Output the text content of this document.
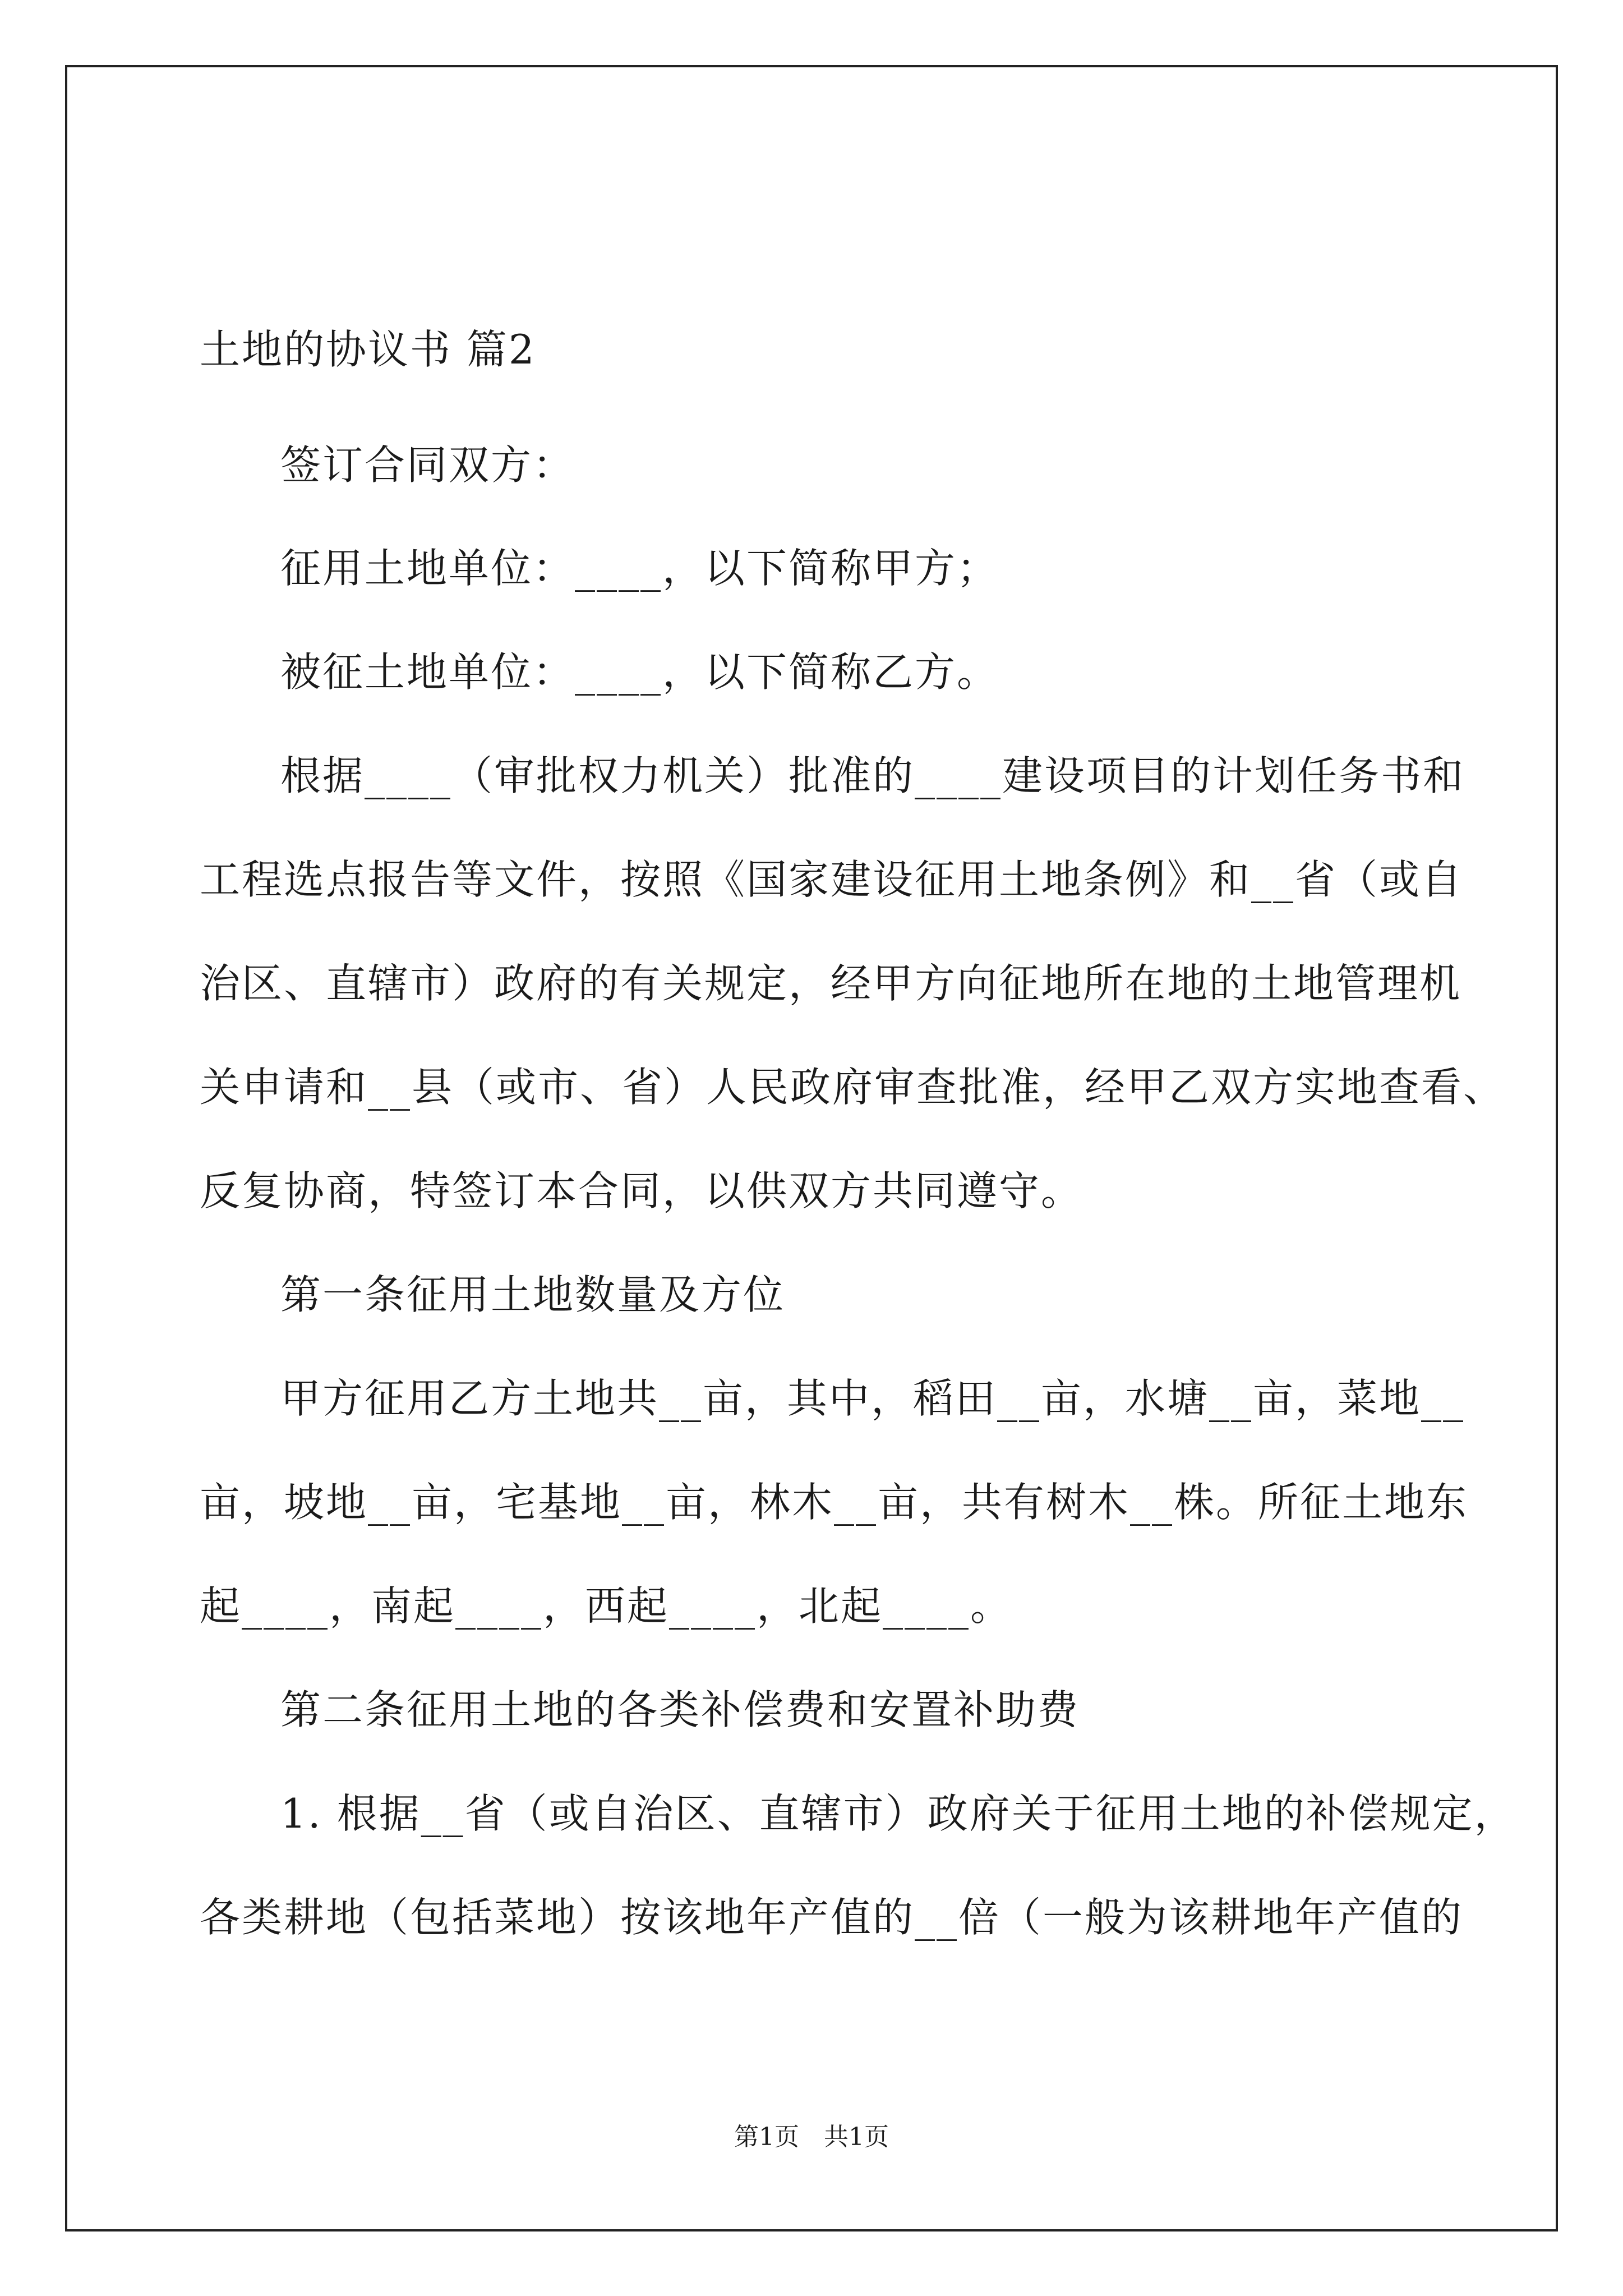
土地的协议书 篇2
签订合同双方：
征用土地单位：____，以下简称甲方；
被征土地单位：____，以下简称乙方。
根据____（审批权力机关）批准的____建设项目的计划任务书和
工程选点报告等文件，按照《国家建设征用土地条例》和__省（或自
治区、直辖市）政府的有关规定，经甲方向征地所在地的土地管理机
关申请和__县（或市、省）人民政府审查批准，经甲乙双方实地查看、
反复协商，特签订本合同，以供双方共同遵守。
第一条征用土地数量及方位
甲方征用乙方土地共__亩，其中，稻田__亩，水塘__亩，菜地__
亩，坡地__亩，宅基地__亩，林木__亩，共有树木__株。所征土地东
起____，南起____，西起____，北起____。
第二条征用土地的各类补偿费和安置补助费
1. 根据__省（或自治区、直辖市）政府关于征用土地的补偿规定，
各类耕地（包括菜地）按该地年产值的__倍（一般为该耕地年产值的
第1页　共1页
